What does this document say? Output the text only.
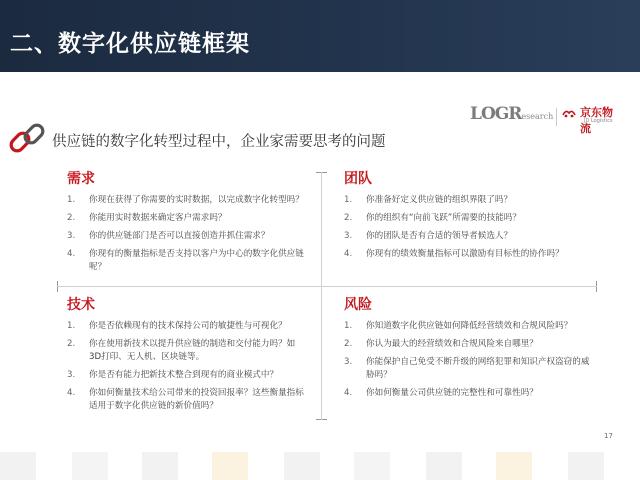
二、数字化供应链框架
LOGResearch 京东物流
JD Logistics
供应链的数字化转型过程中，企业家需要思考的问题
需求
1.	你现在获得了你需要的实时数据，以完成数字化转型吗？
2.	你能用实时数据来确定客户需求吗？
3.	你的供应链部门是否可以直接创造并抓住需求？
4.	你现有的衡量指标是否支持以客户为中心的数字化供应链呢？
团队
1.	你准备好定义供应链的组织界限了吗？
2.	你的组织有“向前飞跃”所需要的技能吗？
3.	你的团队是否有合适的领导者候选人？
4.	你现有的绩效衡量指标可以激励有目标性的协作吗？
技术
1.	你是否依赖现有的技术保持公司的敏捷性与可视化？
2.	你在使用新技术以提升供应链的制造和交付能力吗？如3D打印、无人机、区块链等。
3.	你是否有能力把新技术整合到现有的商业模式中？
4.	你如何衡量技术给公司带来的投资回报率？这些衡量指标适用于数字化供应链的新价值吗？
风险
1.	你知道数字化供应链如何降低经营绩效和合规风险吗？
2.	你认为最大的经营绩效和合规风险来自哪里？
3.	你能保护自己免受不断升级的网络犯罪和知识产权盗窃的威胁吗？
4.	你如何衡量公司供应链的完整性和可靠性吗？
17
